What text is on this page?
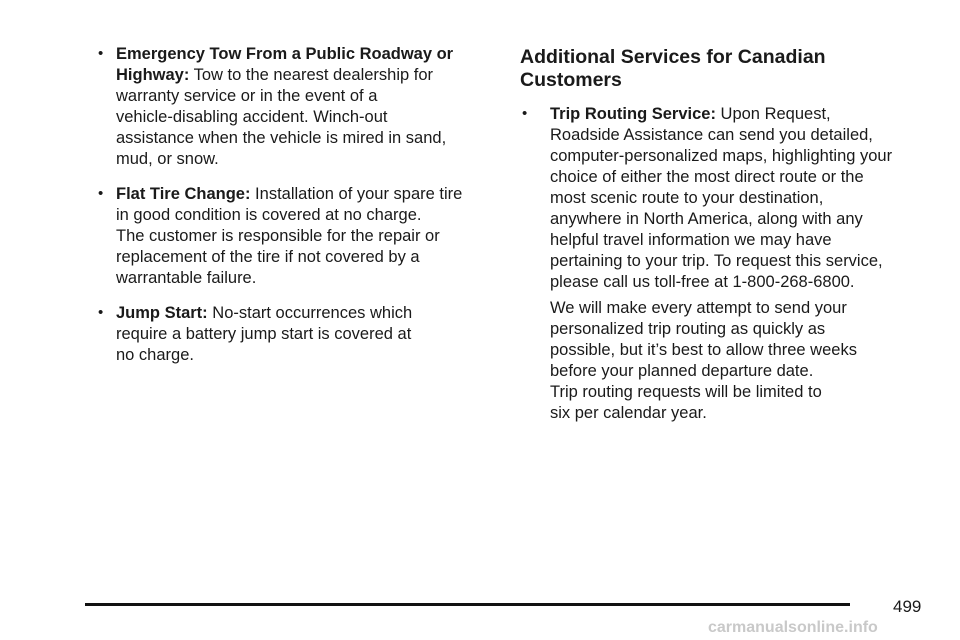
• Emergency Tow From a Public Roadway or
Highway: Tow to the nearest dealership for
warranty service or in the event of a
vehicle-disabling accident. Winch-out
assistance when the vehicle is mired in sand,
mud, or snow.
• Flat Tire Change: Installation of your spare tire
in good condition is covered at no charge.
The customer is responsible for the repair or
replacement of the tire if not covered by a
warrantable failure.
• Jump Start: No-start occurrences which
require a battery jump start is covered at
no charge.
Additional Services for Canadian
Customers
• Trip Routing Service: Upon Request,
Roadside Assistance can send you detailed,
computer-personalized maps, highlighting your
choice of either the most direct route or the
most scenic route to your destination,
anywhere in North America, along with any
helpful travel information we may have
pertaining to your trip. To request this service,
please call us toll-free at 1-800-268-6800.
We will make every attempt to send your
personalized trip routing as quickly as
possible, but it’s best to allow three weeks
before your planned departure date.
Trip routing requests will be limited to
six per calendar year.
499
carmanualsonline.info
